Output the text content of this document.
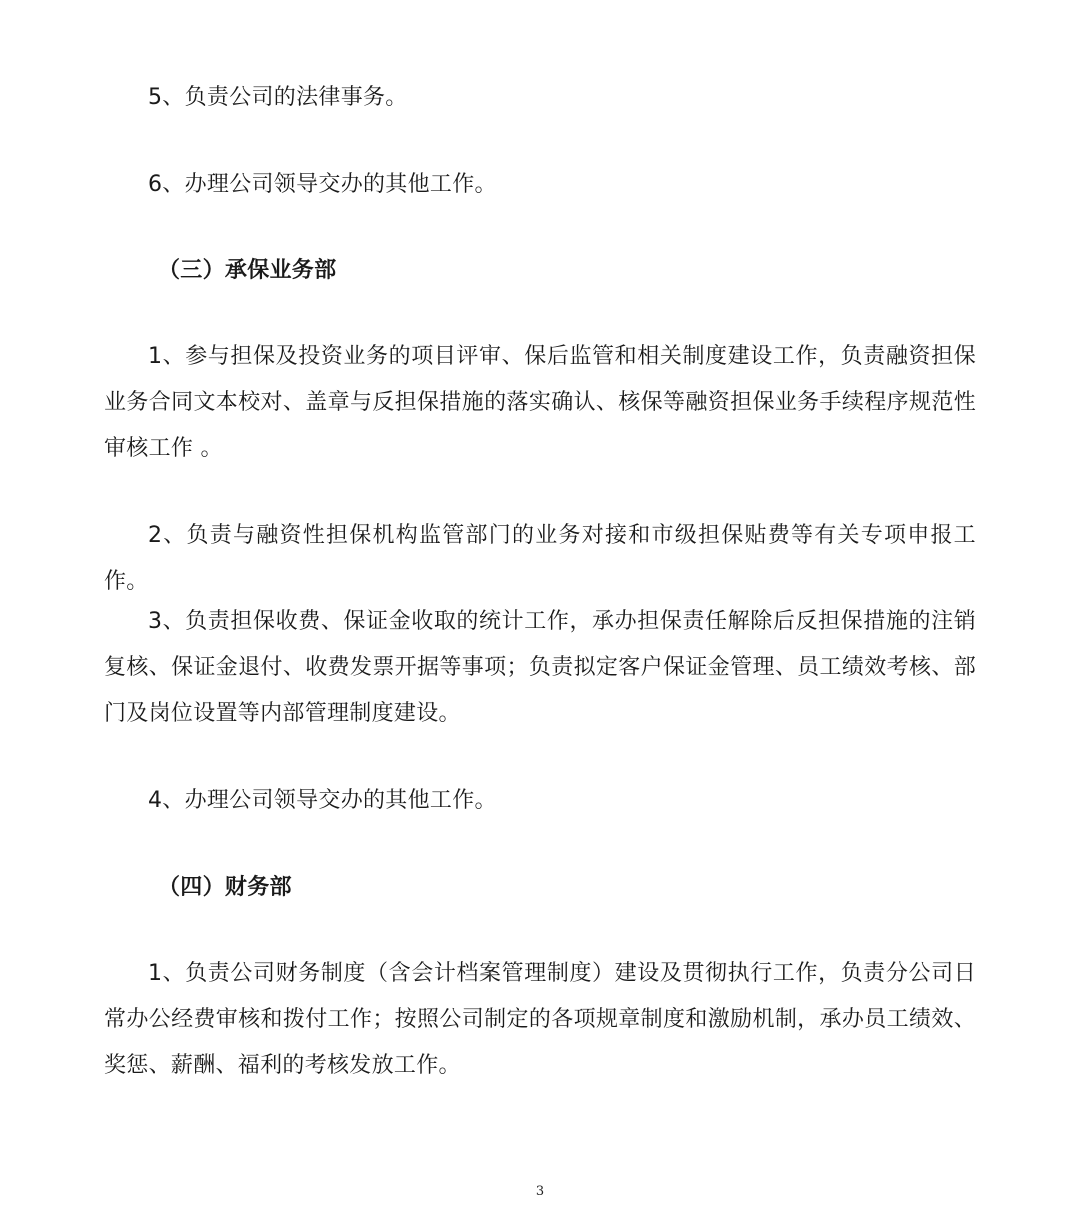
5、负责公司的法律事务。

6、办理公司领导交办的其他工作。

（三）承保业务部

1、参与担保及投资业务的项目评审、保后监管和相关制度建设工作，负责融资担保业务合同文本校对、盖章与反担保措施的落实确认、核保等融资担保业务手续程序规范性审核工作 。

2、负责与融资性担保机构监管部门的业务对接和市级担保贴费等有关专项申报工作。

3、负责担保收费、保证金收取的统计工作，承办担保责任解除后反担保措施的注销复核、保证金退付、收费发票开据等事项；负责拟定客户保证金管理、员工绩效考核、部门及岗位设置等内部管理制度建设。

4、办理公司领导交办的其他工作。

（四）财务部

1、负责公司财务制度（含会计档案管理制度）建设及贯彻执行工作，负责分公司日常办公经费审核和拨付工作；按照公司制定的各项规章制度和激励机制，承办员工绩效、奖惩、薪酬、福利的考核发放工作。

3
